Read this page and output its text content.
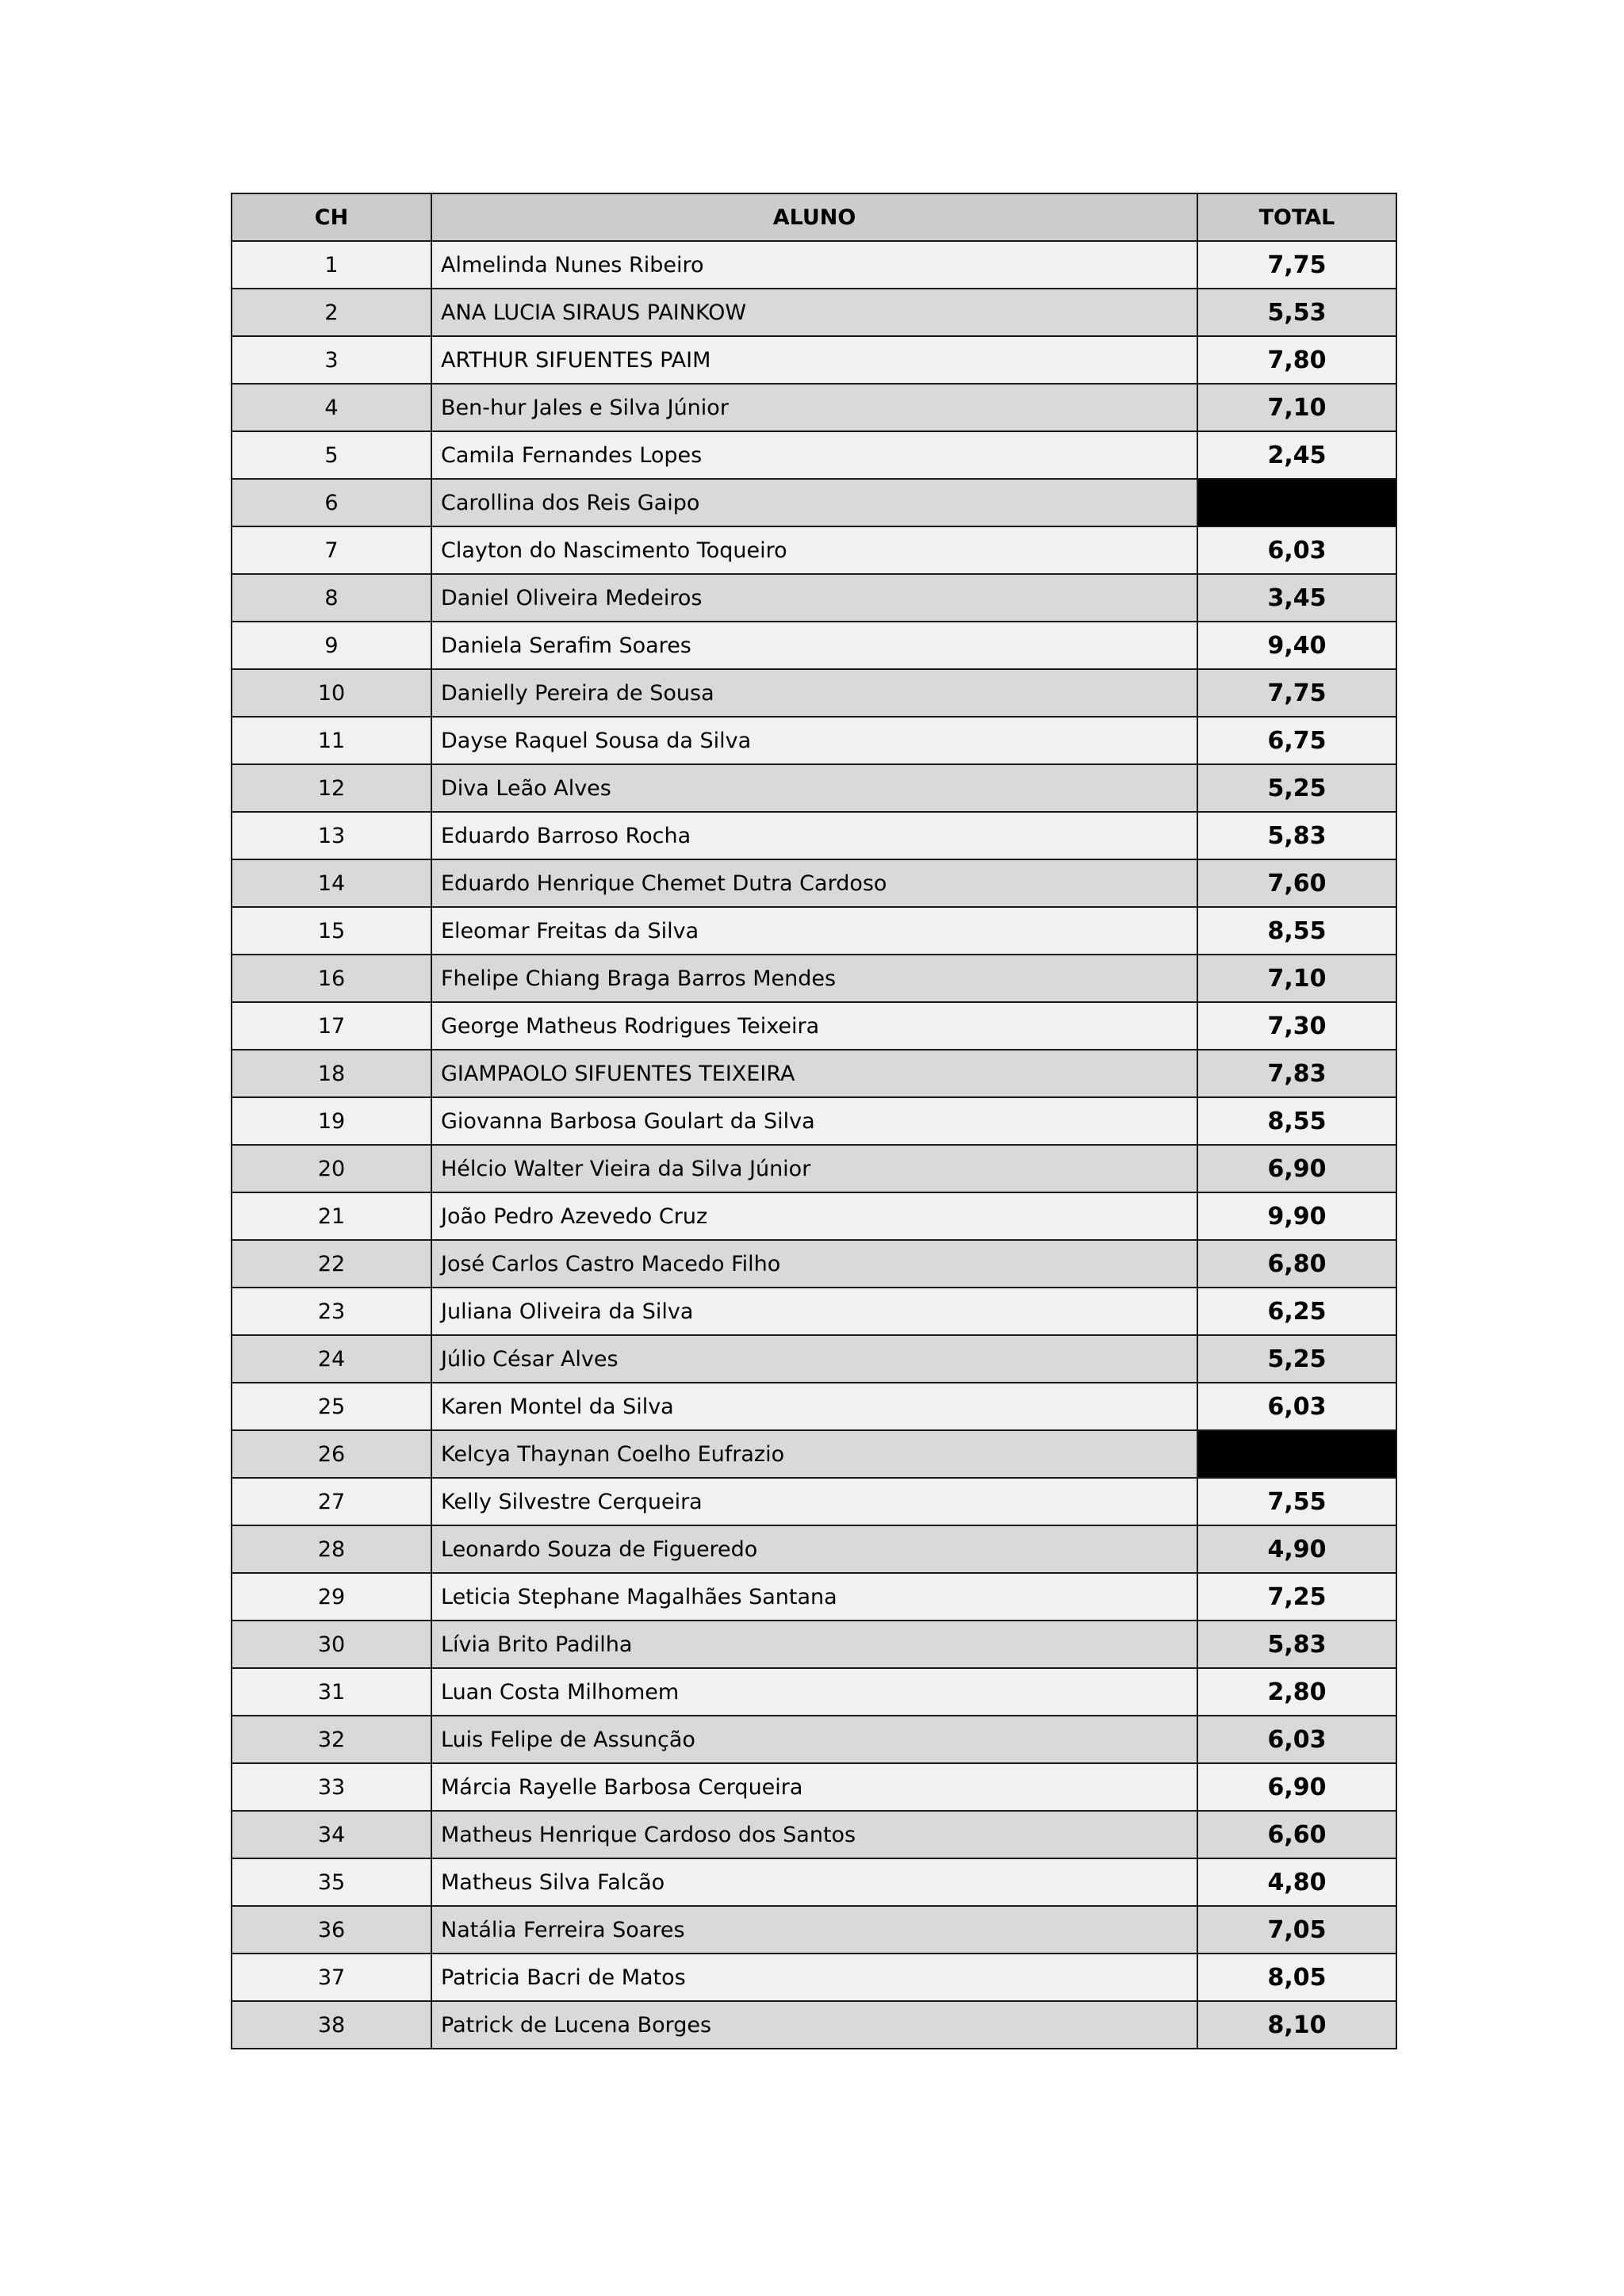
CH	ALUNO	TOTAL
1	Almelinda Nunes Ribeiro	7,75
2	ANA LUCIA SIRAUS PAINKOW	5,53
3	ARTHUR SIFUENTES PAIM	7,80
4	Ben-hur Jales e Silva Júnior	7,10
5	Camila Fernandes Lopes	2,45
6	Carollina dos Reis Gaipo	
7	Clayton do Nascimento Toqueiro	6,03
8	Daniel Oliveira Medeiros	3,45
9	Daniela Serafim Soares	9,40
10	Danielly Pereira de Sousa	7,75
11	Dayse Raquel Sousa da Silva	6,75
12	Diva Leão Alves	5,25
13	Eduardo Barroso Rocha	5,83
14	Eduardo Henrique Chemet Dutra Cardoso	7,60
15	Eleomar Freitas da Silva	8,55
16	Fhelipe Chiang Braga Barros Mendes	7,10
17	George Matheus Rodrigues Teixeira	7,30
18	GIAMPAOLO SIFUENTES TEIXEIRA	7,83
19	Giovanna Barbosa Goulart da Silva	8,55
20	Hélcio Walter Vieira da Silva Júnior	6,90
21	João Pedro Azevedo Cruz	9,90
22	José Carlos Castro Macedo Filho	6,80
23	Juliana Oliveira da Silva	6,25
24	Júlio César Alves	5,25
25	Karen Montel da Silva	6,03
26	Kelcya Thaynan Coelho Eufrazio	
27	Kelly Silvestre Cerqueira	7,55
28	Leonardo Souza de Figueredo	4,90
29	Leticia Stephane Magalhães Santana	7,25
30	Lívia Brito Padilha	5,83
31	Luan Costa Milhomem	2,80
32	Luis Felipe de Assunção	6,03
33	Márcia Rayelle Barbosa Cerqueira	6,90
34	Matheus Henrique Cardoso dos Santos	6,60
35	Matheus Silva Falcão	4,80
36	Natália Ferreira Soares	7,05
37	Patricia Bacri de Matos	8,05
38	Patrick de Lucena Borges	8,10
